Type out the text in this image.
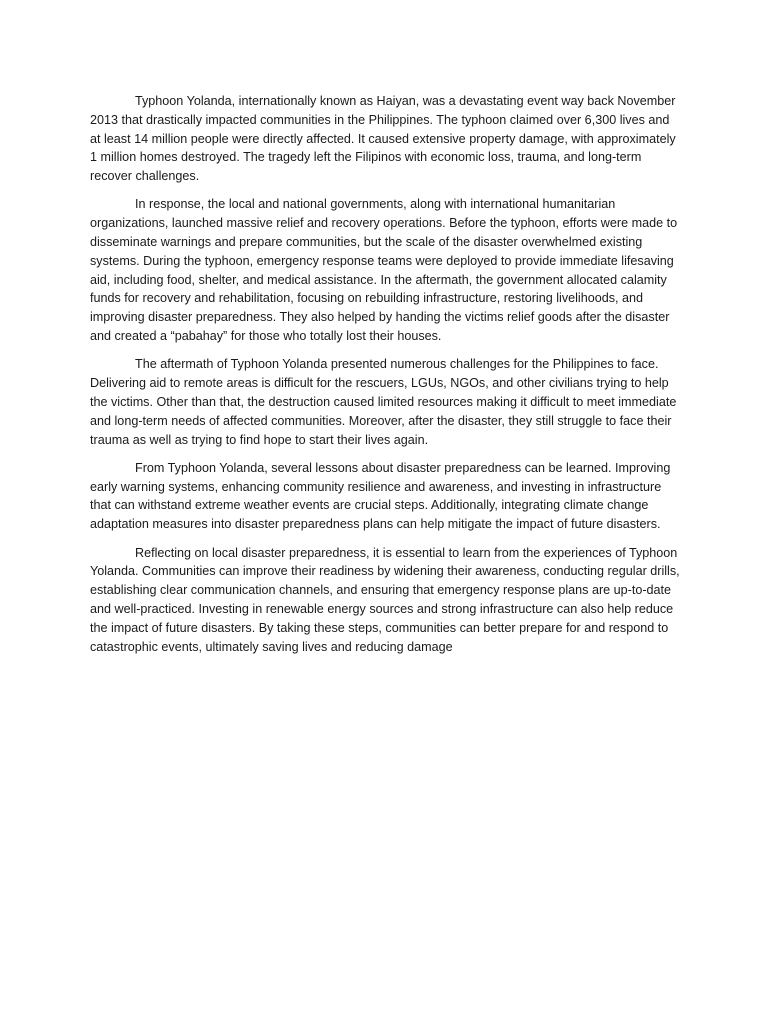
Typhoon Yolanda, internationally known as Haiyan, was a devastating event way back November 2013 that drastically impacted communities in the Philippines. The typhoon claimed over 6,300 lives and at least 14 million people were directly affected. It caused extensive property damage, with approximately 1 million homes destroyed. The tragedy left the Filipinos with economic loss, trauma, and long-term recover challenges.

In response, the local and national governments, along with international humanitarian organizations, launched massive relief and recovery operations. Before the typhoon, efforts were made to disseminate warnings and prepare communities, but the scale of the disaster overwhelmed existing systems. During the typhoon, emergency response teams were deployed to provide immediate lifesaving aid, including food, shelter, and medical assistance. In the aftermath, the government allocated calamity funds for recovery and rehabilitation, focusing on rebuilding infrastructure, restoring livelihoods, and improving disaster preparedness. They also helped by handing the victims relief goods after the disaster and created a “pabahay” for those who totally lost their houses.

The aftermath of Typhoon Yolanda presented numerous challenges for the Philippines to face. Delivering aid to remote areas is difficult for the rescuers, LGUs, NGOs, and other civilians trying to help the victims. Other than that, the destruction caused limited resources making it difficult to meet immediate and long-term needs of affected communities. Moreover, after the disaster, they still struggle to face their trauma as well as trying to find hope to start their lives again.

From Typhoon Yolanda, several lessons about disaster preparedness can be learned. Improving early warning systems, enhancing community resilience and awareness, and investing in infrastructure that can withstand extreme weather events are crucial steps. Additionally, integrating climate change adaptation measures into disaster preparedness plans can help mitigate the impact of future disasters.

Reflecting on local disaster preparedness, it is essential to learn from the experiences of Typhoon Yolanda. Communities can improve their readiness by widening their awareness, conducting regular drills, establishing clear communication channels, and ensuring that emergency response plans are up-to-date and well-practiced. Investing in renewable energy sources and strong infrastructure can also help reduce the impact of future disasters. By taking these steps, communities can better prepare for and respond to catastrophic events, ultimately saving lives and reducing damage
